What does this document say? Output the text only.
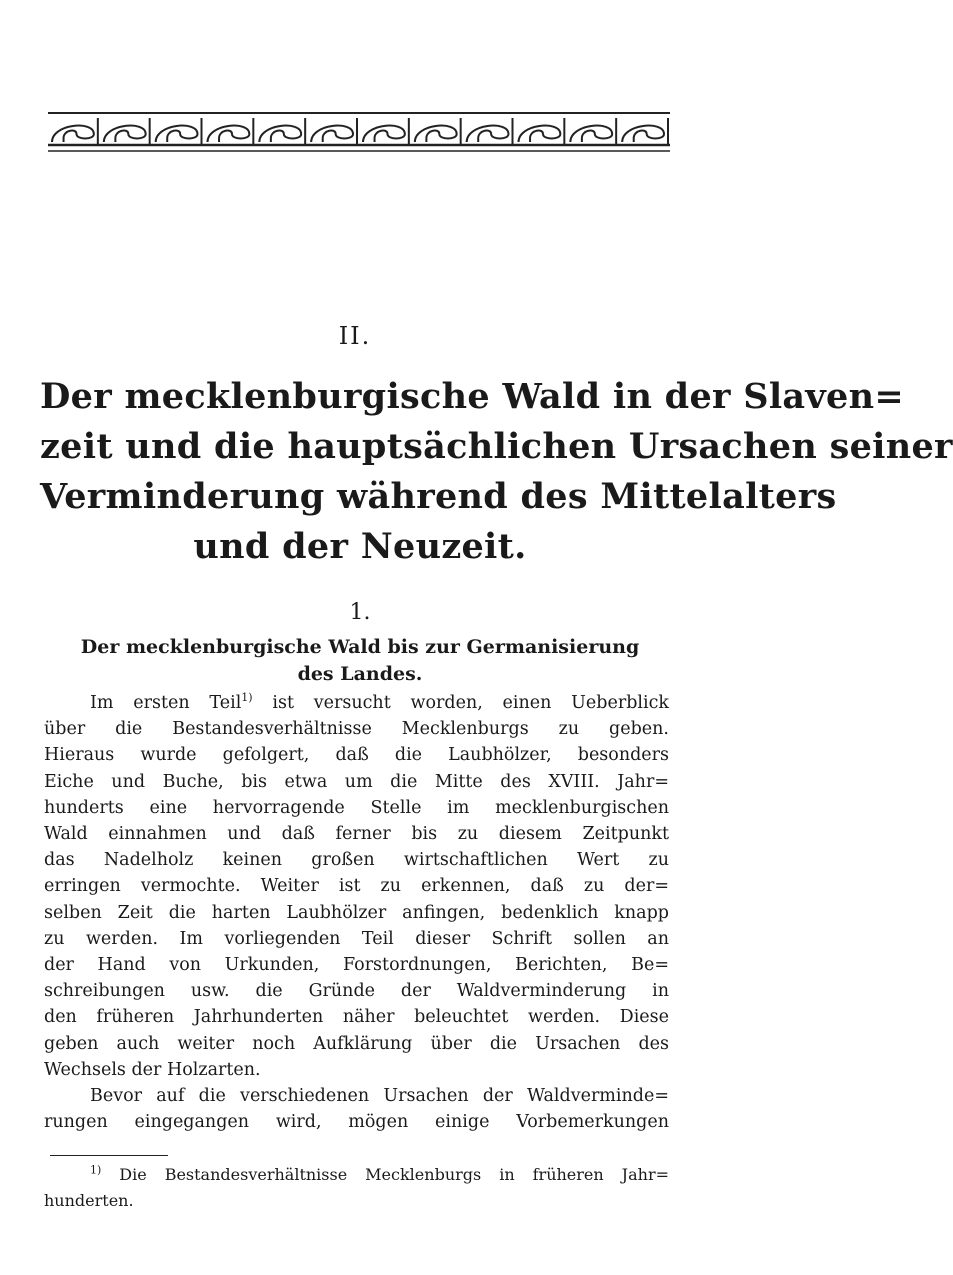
II.
Der mecklenburgische Wald in der Slaven=
zeit und die hauptsächlichen Ursachen seiner
Verminderung während des Mittelalters
und der Neuzeit.
1.
Der mecklenburgische Wald bis zur Germanisierung
des Landes.
Im ersten Teil$^{1)}$ ist versucht worden, einen Ueberblick
über die Bestandesverhältnisse Mecklenburgs zu geben.
Hieraus wurde gefolgert, daß die Laubhölzer, besonders
Eiche und Buche, bis etwa um die Mitte des XVIII. Jahr=
hunderts eine hervorragende Stelle im mecklenburgischen
Wald einnahmen und daß ferner bis zu diesem Zeitpunkt
das Nadelholz keinen großen wirtschaftlichen Wert zu
erringen vermochte. Weiter ist zu erkennen, daß zu der=
selben Zeit die harten Laubhölzer anfingen, bedenklich knapp
zu werden. Im vorliegenden Teil dieser Schrift sollen an
der Hand von Urkunden, Forstordnungen, Berichten, Be=
schreibungen usw. die Gründe der Waldverminderung in
den früheren Jahrhunderten näher beleuchtet werden. Diese
geben auch weiter noch Aufklärung über die Ursachen des
Wechsels der Holzarten.
Bevor auf die verschiedenen Ursachen der Waldverminde=
rungen eingegangen wird, mögen einige Vorbemerkungen
$^{1)}$ Die Bestandesverhältnisse Mecklenburgs in früheren Jahr=
hunderten.
